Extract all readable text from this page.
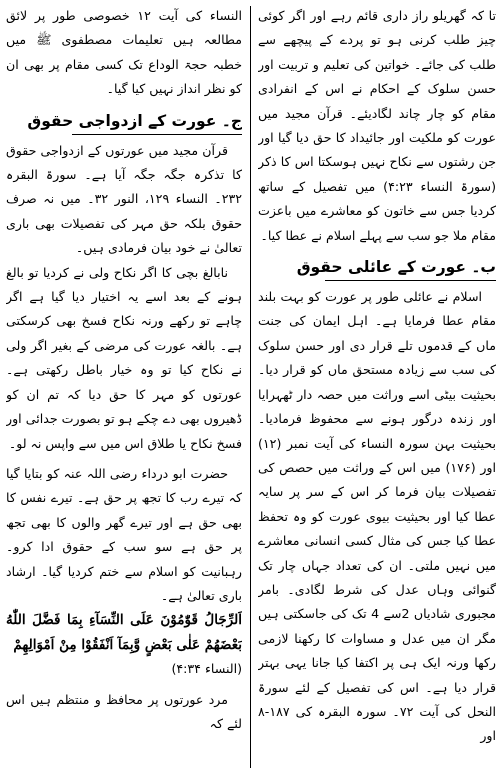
تا کہ گھریلو راز داری قائم رہے اور اگر کوئی چیز طلب کرنی ہو تو پردے کے پیچھے سے طلب کی جائے۔ خواتین کی تعلیم و تربیت اور حسن سلوک کے احکام نے اس کے انفرادی مقام کو چار چاند لگادیئے۔ قرآن مجید میں عورت کو ملکیت اور جائیداد کا حق دیا گیا اور جن رشتوں سے نکاح نہیں ہوسکتا اس کا ذکر (سورۃ النساء ۴:۲۳) میں تفصیل کے ساتھ کردیا جس سے خاتون کو معاشرے میں باعزت مقام ملا جو سب سے پہلے اسلام نے عطا کیا۔

ب۔ عورت کے عائلی حقوق

اسلام نے عائلی طور پر عورت کو بہت بلند مقام عطا فرمایا ہے۔ اہل ایمان کی جنت ماں کے قدموں تلے قرار دی اور حسن سلوک کی سب سے زیادہ مستحق ماں کو قرار دیا۔ بحیثیت بیٹی اسے وراثت میں حصہ دار ٹھہرایا اور زندہ درگور ہونے سے محفوظ فرمادیا۔ بحیثیت بہن سورہ النساء کی آیت نمبر (۱۲) اور (۱۷۶) میں اس کے وراثت میں حصص کی تفصیلات بیان فرما کر اس کے سر پر سایہ عطا کیا اور بحیثیت بیوی عورت کو وہ تحفظ عطا کیا جس کی مثال کسی انسانی معاشرے میں نہیں ملتی۔ ان کی تعداد جہاں چار تک گنوائی وہاں عدل کی شرط لگادی۔ بامر مجبوری شادیاں 2سے 4 تک کی جاسکتی ہیں مگر ان میں عدل و مساوات کا رکھنا لازمی رکھا ورنہ ایک ہی پر اکتفا کیا جانا یہی بہتر قرار دیا ہے۔ اس کی تفصیل کے لئے سورۃ النحل کی آیت ۷۲۔ سورہ البقرہ کی ۱۸۷-۸ اور

النساء کی آیت ۱۲ خصوصی طور پر لائق مطالعہ ہیں تعلیمات مصطفوی ﷺ میں خطبہ حجۃ الوداع تک کسی مقام پر بھی ان کو نظر انداز نہیں کیا گیا۔

ج۔ عورت کے ازدواجی حقوق

قرآن مجید میں عورتوں کے ازدواجی حقوق کا تذکرہ جگہ جگہ آیا ہے۔ سورۃ البقرہ ۲۳۲۔ النساء ۱۲۹، النور ۳۲۔ میں نہ صرف حقوق بلکہ حق مہر کی تفصیلات بھی باری تعالیٰ نے خود بیان فرمادی ہیں۔

نابالغ بچی کا اگر نکاح ولی نے کردیا تو بالغ ہونے کے بعد اسے یہ اختیار دیا گیا ہے اگر چاہے تو رکھے ورنہ نکاح فسخ بھی کرسکتی ہے۔ بالغہ عورت کی مرضی کے بغیر اگر ولی نے نکاح کیا تو وہ خیار باطل رکھتی ہے۔ عورتوں کو مہر کا حق دیا کہ تم ان کو ڈھیروں بھی دے چکے ہو تو بصورت جدائی اور فسخ نکاح یا طلاق اس میں سے واپس نہ لو۔

حضرت ابو درداء رضی اللہ عنہ کو بتایا گیا کہ تیرے رب کا تجھ پر حق ہے۔ تیرے نفس کا بھی حق ہے اور تیرے گھر والوں کا بھی تجھ پر حق ہے سو سب کے حقوق ادا کرو۔ رہبانیت کو اسلام سے ختم کردیا گیا۔ ارشاد باری تعالیٰ ہے۔

اَلرِّجَالُ قَوّٰمُوْنَ عَلَى النِّسَآءِ بِمَا فَضَّلَ اللّٰهُ بَعْضَهُمْ عَلٰى بَعْضٍ وَّبِمَآ اَنْفَقُوْا مِنْ اَمْوَالِهِمْ

(النساء ۴:۳۴)

مرد عورتوں پر محافظ و منتظم ہیں اس لئے کہ
